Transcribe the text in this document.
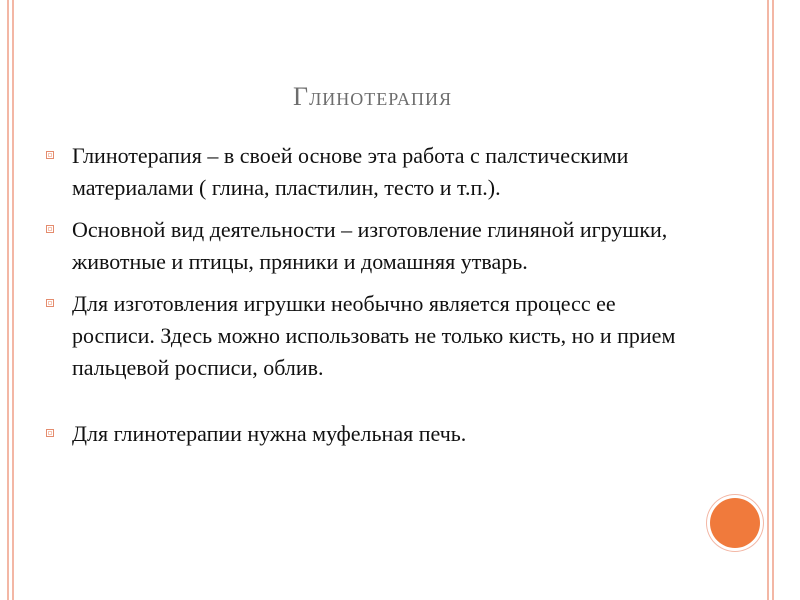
Глинотерапия
Глинотерапия – в своей основе эта работа с палстическими материалами ( глина, пластилин, тесто и т.п.).
Основной вид деятельности – изготовление глиняной игрушки, животные и птицы, пряники и домашняя утварь.
Для изготовления игрушки необычно является процесс ее росписи. Здесь можно использовать не только кисть, но и прием пальцевой росписи, облив.
Для глинотерапии нужна муфельная печь.
